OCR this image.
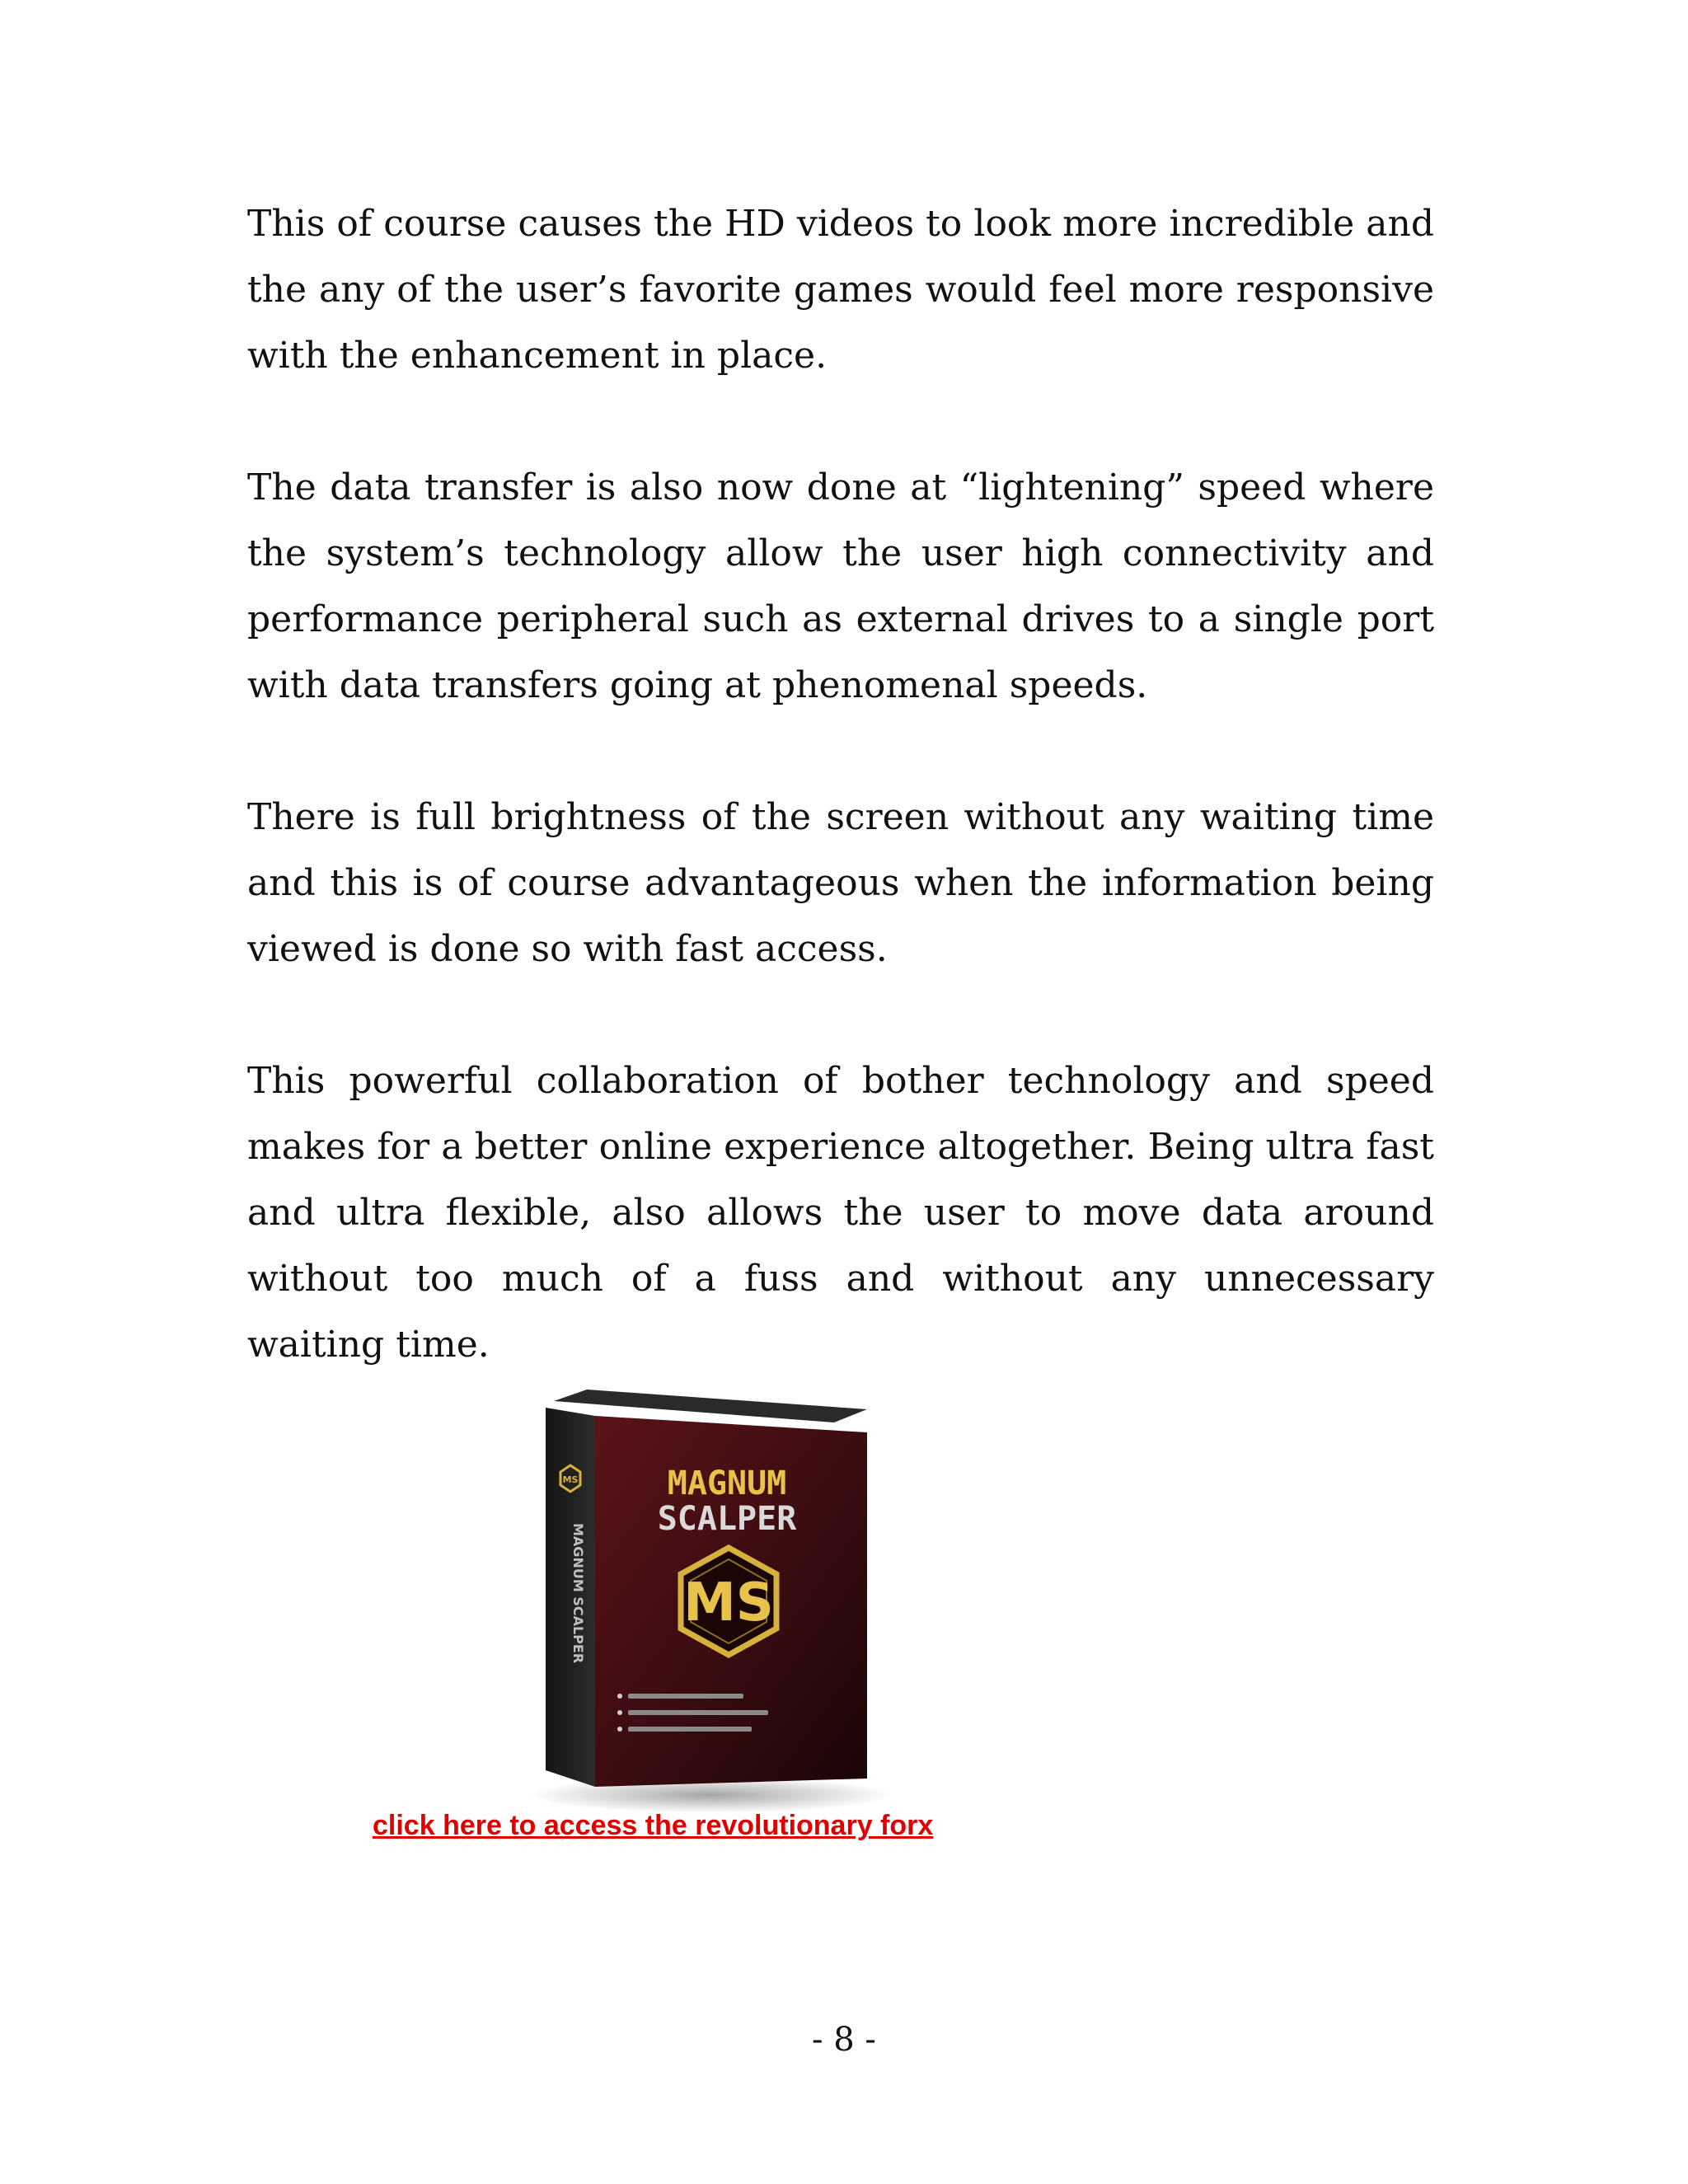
This of course causes the HD videos to look more incredible and the any of the user’s favorite games would feel more responsive with the enhancement in place.

The data transfer is also now done at “lightening” speed where the system’s technology allow the user high connectivity and performance peripheral such as external drives to a single port with data transfers going at phenomenal speeds.

There is full brightness of the screen without any waiting time and this is of course advantageous when the information being viewed is done so with fast access.

This powerful collaboration of bother technology and speed makes for a better online experience altogether. Being ultra fast and ultra flexible, also allows the user to move data around without too much of a fuss and without any unnecessary waiting time.

MS
MAGNUM SCALPER
MAGNUM
SCALPER
MS
click here to access the revolutionary forx
- 8 -
